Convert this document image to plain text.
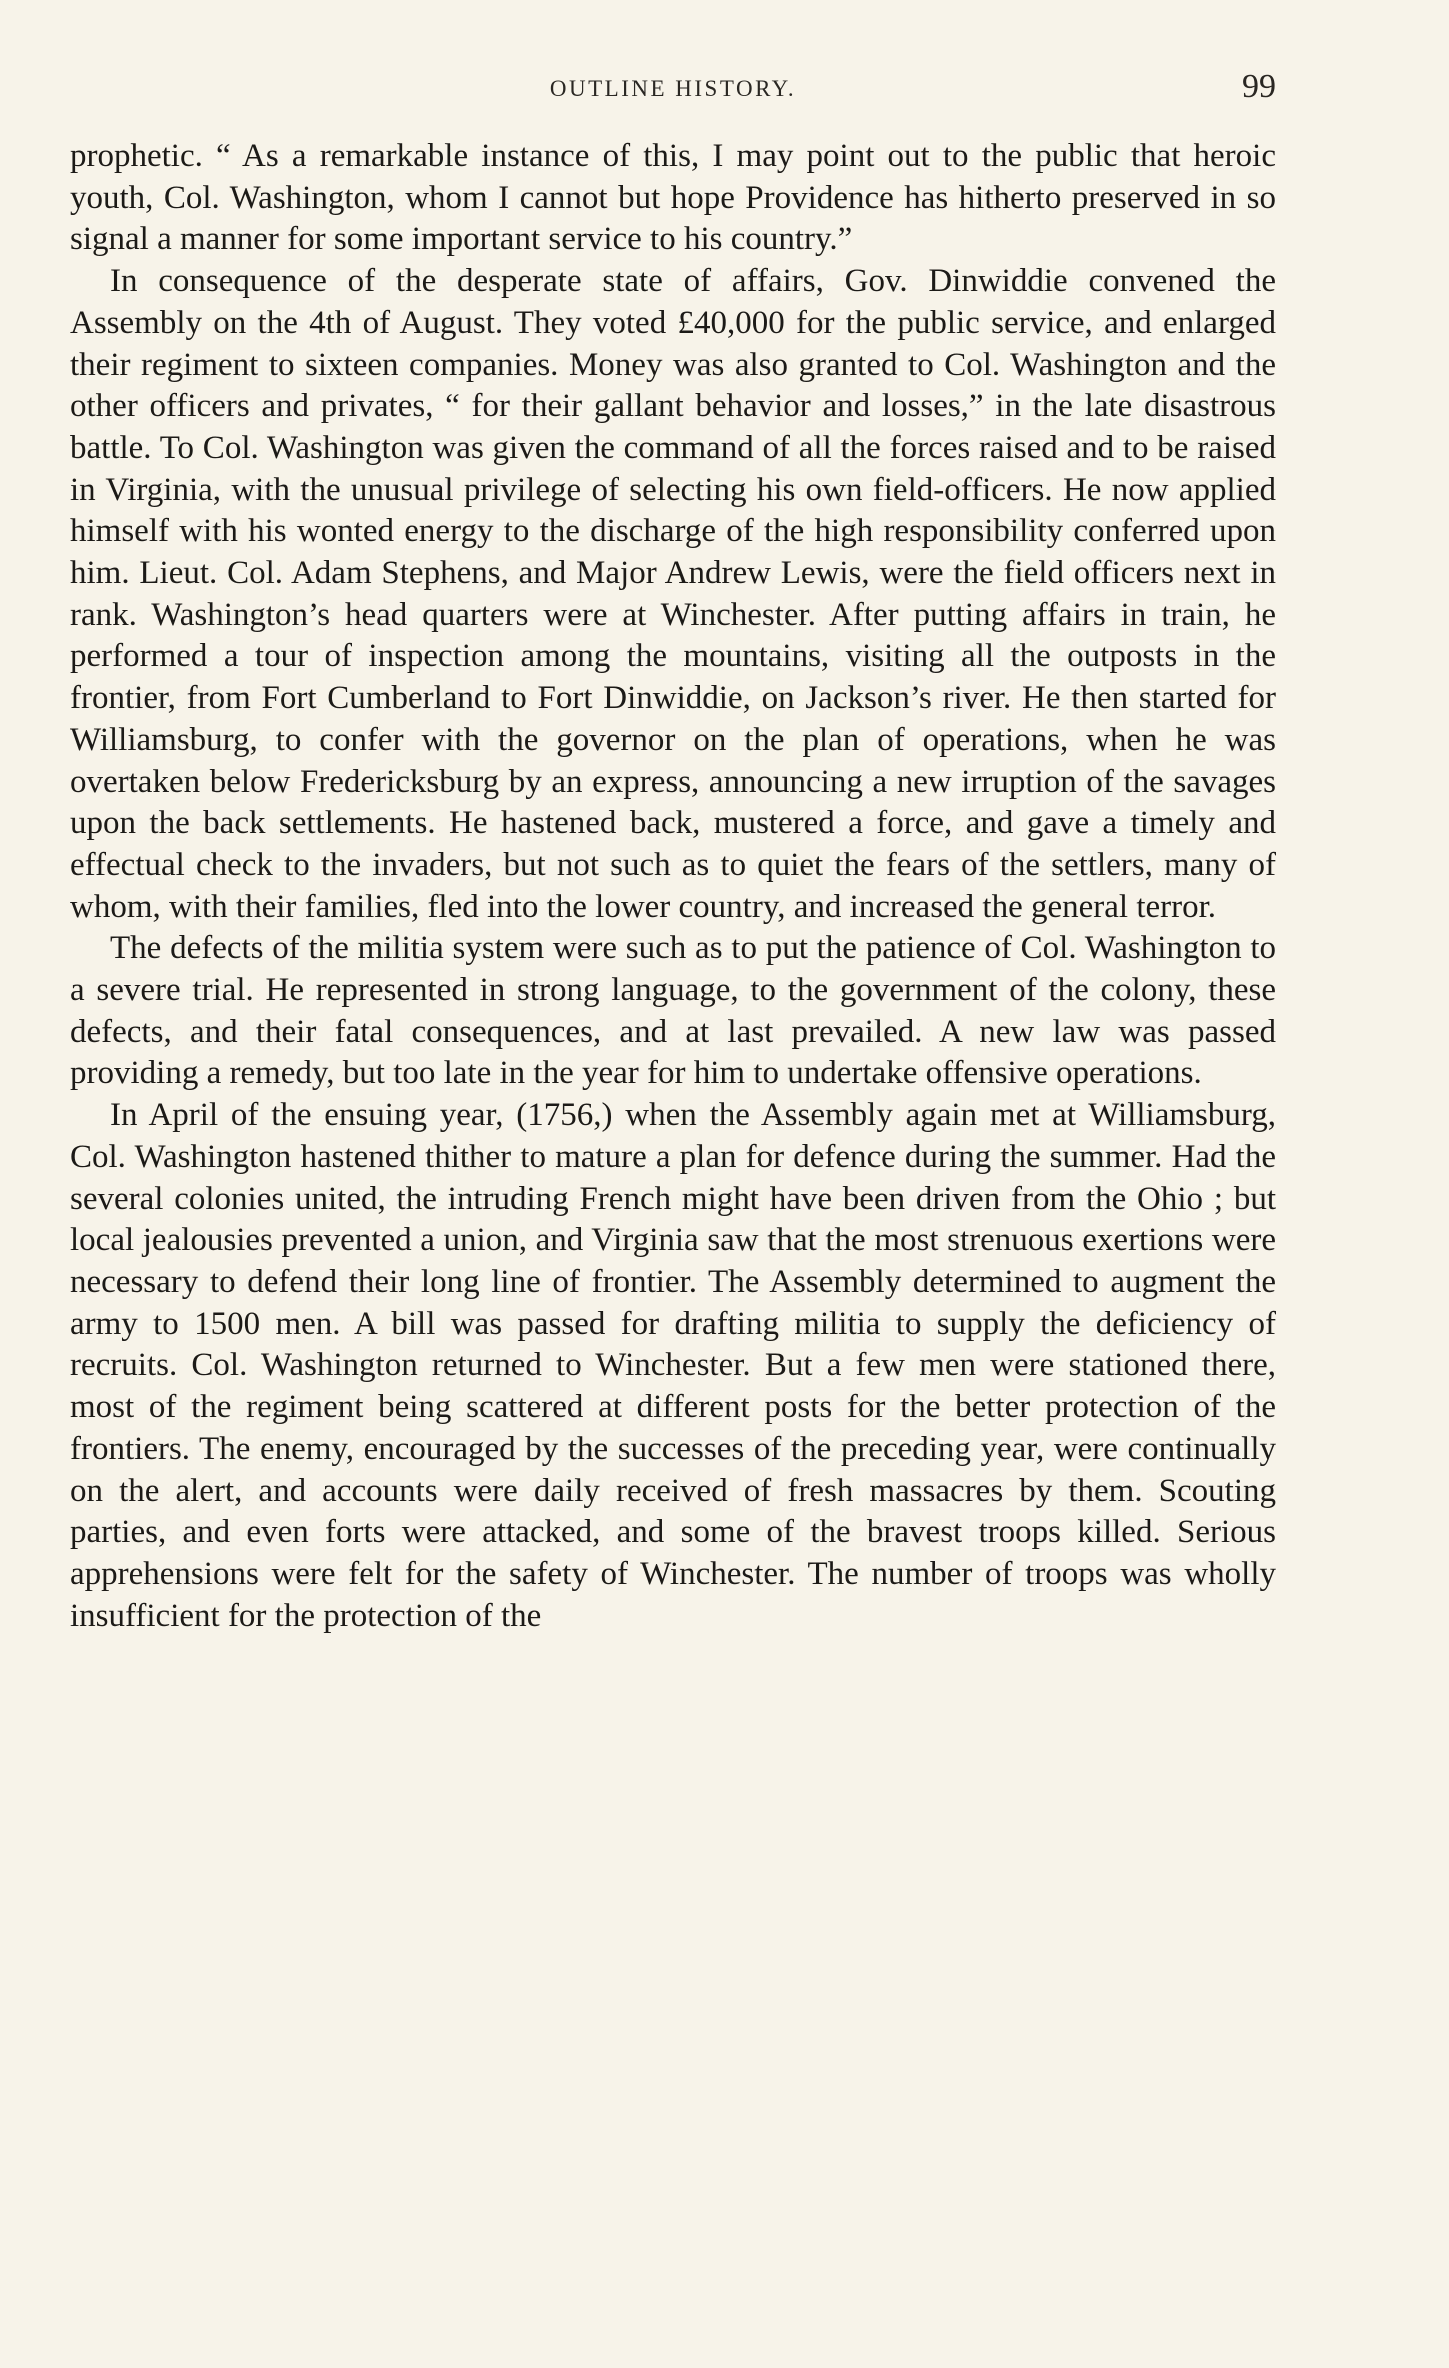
OUTLINE HISTORY.	99

prophetic. “ As a remarkable instance of this, I may point out to the public that heroic youth, Col. Washington, whom I cannot but hope Providence has hitherto preserved in so signal a manner for some important service to his country.”

In consequence of the desperate state of affairs, Gov. Dinwiddie convened the Assembly on the 4th of August. They voted £40,000 for the public service, and enlarged their regiment to sixteen companies. Money was also granted to Col. Washington and the other officers and privates, “ for their gallant behavior and losses,” in the late disastrous battle. To Col. Washington was given the command of all the forces raised and to be raised in Virginia, with the unusual privilege of selecting his own field-officers. He now applied himself with his wonted energy to the discharge of the high responsibility conferred upon him. Lieut. Col. Adam Stephens, and Major Andrew Lewis, were the field officers next in rank. Washington’s head quarters were at Winchester. After putting affairs in train, he performed a tour of inspection among the mountains, visiting all the outposts in the frontier, from Fort Cumberland to Fort Dinwiddie, on Jackson’s river. He then started for Williamsburg, to confer with the governor on the plan of operations, when he was overtaken below Fredericksburg by an express, announcing a new irruption of the savages upon the back settlements. He hastened back, mustered a force, and gave a timely and effectual check to the invaders, but not such as to quiet the fears of the settlers, many of whom, with their families, fled into the lower country, and increased the general terror.

The defects of the militia system were such as to put the patience of Col. Washington to a severe trial. He represented in strong language, to the government of the colony, these defects, and their fatal consequences, and at last prevailed. A new law was passed providing a remedy, but too late in the year for him to undertake offensive operations.

In April of the ensuing year, (1756,) when the Assembly again met at Williamsburg, Col. Washington hastened thither to mature a plan for defence during the summer. Had the several colonies united, the intruding French might have been driven from the Ohio ; but local jealousies prevented a union, and Virginia saw that the most strenuous exertions were necessary to defend their long line of frontier. The Assembly determined to augment the army to 1500 men. A bill was passed for drafting militia to supply the deficiency of recruits. Col. Washington returned to Winchester. But a few men were stationed there, most of the regiment being scattered at different posts for the better protection of the frontiers. The enemy, encouraged by the successes of the preceding year, were continually on the alert, and accounts were daily received of fresh massacres by them. Scouting parties, and even forts were attacked, and some of the bravest troops killed. Serious apprehensions were felt for the safety of Winchester. The number of troops was wholly insufficient for the protection of the
